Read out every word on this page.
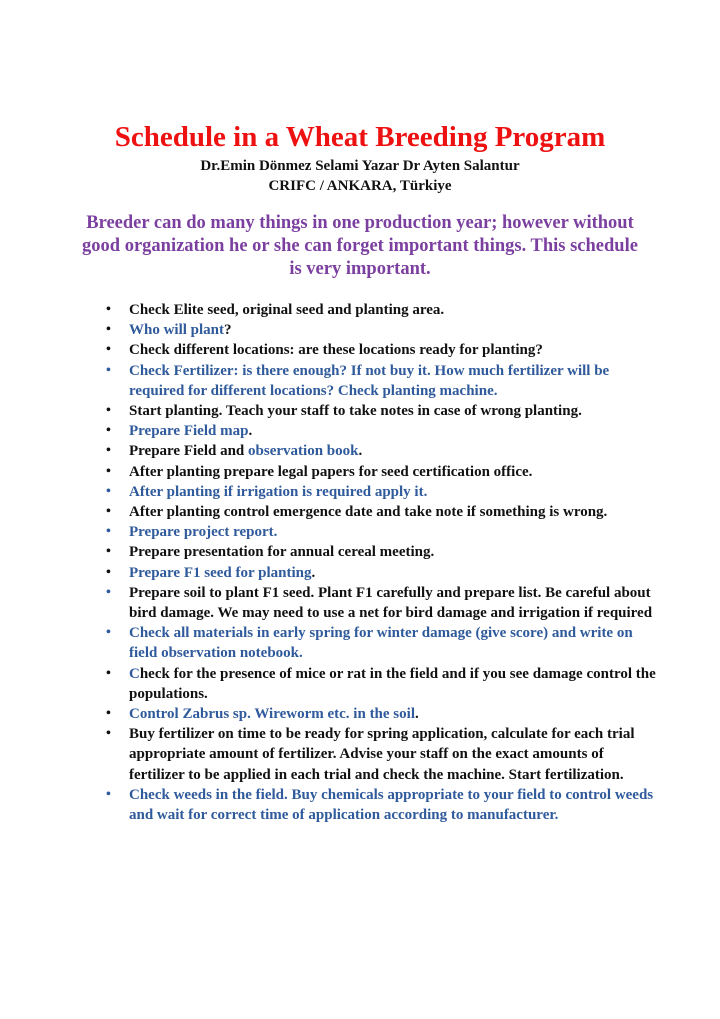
Schedule in a Wheat Breeding Program
Dr.Emin Dönmez Selami Yazar Dr Ayten Salantur
CRIFC / ANKARA, Türkiye
Breeder can do many things in one production year; however without good organization he or she can forget important things. This schedule is very important.
• Check Elite seed, original seed and planting area.
• Who will plant?
• Check different locations: are these locations ready for planting?
• Check Fertilizer: is there enough? If not buy it. How much fertilizer will be required for different locations? Check planting machine.
• Start planting. Teach your staff to take notes in case of wrong planting.
• Prepare Field map.
• Prepare Field and observation book.
• After planting prepare legal papers for seed certification office.
• After planting if irrigation is required apply it.
• After planting control emergence date and take note if something is wrong.
• Prepare project report.
• Prepare presentation for annual cereal meeting.
• Prepare F1 seed for planting.
• Prepare soil to plant F1 seed. Plant F1 carefully and prepare list. Be careful about bird damage. We may need to use a net for bird damage and irrigation if required
• Check all materials in early spring for winter damage (give score) and write on field observation notebook.
• Check for the presence of mice or rat in the field and if you see damage control the populations.
• Control Zabrus sp. Wireworm etc. in the soil.
• Buy fertilizer on time to be ready for spring application, calculate for each trial appropriate amount of fertilizer. Advise your staff on the exact amounts of fertilizer to be applied in each trial and check the machine. Start fertilization.
• Check weeds in the field. Buy chemicals appropriate to your field to control weeds and wait for correct time of application according to manufacturer.
